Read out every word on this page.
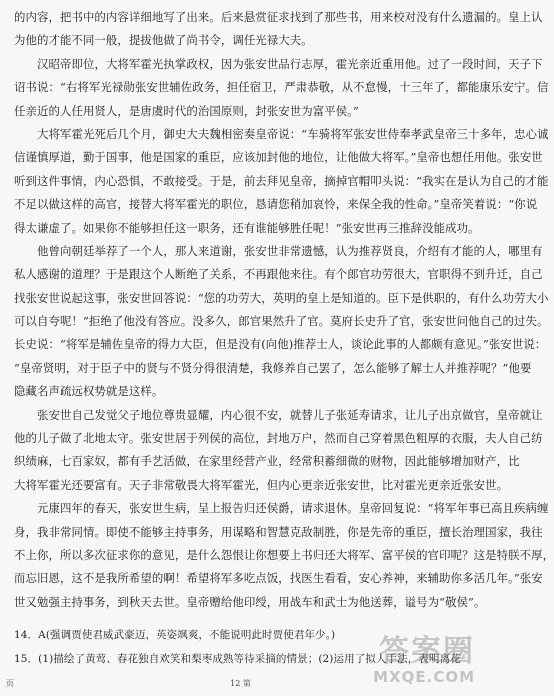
的内容，把书中的内容详细地写了出来。后来悬赏征求找到了那些书，用来校对没有什么遗漏的。皇上认
为他的才能不同一般，提拔他做了尚书令，调任光禄大夫。
汉昭帝即位，大将军霍光执掌政权，因为张安世品行志厚，霍光亲近重用他。过了一段时间，天子下
诏书说：“右将军光禄勋张安世辅佐政务，担任宿卫，严肃恭敬，从不怠慢，十三年了，都能康乐安宁。信
任亲近的人任用贤人，是唐虞时代的治国原则，封张安世为富平侯。”
大将军霍光死后几个月，御史大夫魏相密奏皇帝说：“车骑将军张安世侍奉孝武皇帝三十多年，忠心诚
信谨慎厚道，勤于国事，他是国家的重臣，应该加封他的地位，让他做大将军。”皇帝也想任用他。张安世
听到这件事情，内心恐惧，不敢接受。于是，前去拜见皇帝，摘掉官帽叩头说：“我实在是认为自己的才能
不足以做这样的高官，接替大将军霍光的职位，恳请您稍加哀怜，来保全我的性命。”皇帝笑着说：“你说
得太谦虚了。如果你不能够担任这一职务，还有谁能够胜任呢！”张安世再三推辞没能成功。
他曾向朝廷举荐了一个人，那人来道谢，张安世非常遗憾，认为推荐贤良，介绍有才能的人，哪里有
私人感谢的道理？于是跟这个人断绝了关系，不再跟他来往。有个郎官功劳很大，官职得不到升迁，自己
找张安世说起这事，张安世回答说：“您的功劳大，英明的皇上是知道的。臣下是供职的，有什么功劳大小
可以自夸呢！”拒绝了他没有答应。没多久，郎官果然升了官。莫府长史升了官，张安世问他自己的过失。
长史说：“将军是辅佐皇帝的得力大臣，但是没有(向他)推荐士人，谈论此事的人都颇有意见。”张安世说：
“皇帝贤明，对于臣子中的贤与不贤分得很清楚，我修养自己罢了，怎么能够了解士人并推荐呢？”他要
隐藏名声疏远权势就是这样。
张安世自己发觉父子地位尊贵显耀，内心很不安，就替儿子张延寿请求，让儿子出京做官，皇帝就让
他的儿子做了北地太守。张安世居于列侯的高位，封地万户，然而自己穿着黑色粗厚的衣服，夫人自己纺
织绩麻，七百家奴，都有手艺活做，在家里经营产业，经常积蓄细微的财物，因此能够增加财产，比
大将军霍光还要富有。天子非常敬畏大将军霍光，但内心更亲近张安世，比对霍光更亲近张安世。
元康四年的春天，张安世生病，呈上报告归还侯爵，请求退休。皇帝回复说：“将军年事已高且疾病缠
身，我非常同情。即使不能够主持事务，用谋略和智慧克敌制胜，你是先帝的重臣，擅长治理国家，我往
不上你，所以多次征求你的意见，是什么怨恨让你想要上书归还大将军、富平侯的官印呢？这是特朕不厚，
而忘旧恩，这不是我所希望的啊！希望将军多吃点饭，找医生看看，安心养神，来辅助你多活几年。”张安
世又勉强主持事务，到秋天去世。皇帝赠给他印绶，用战车和武士为他送葬，谥号为“敬侯”。
14．A(强调贾使君威武豪迈，英姿飒爽，不能说明此时贾使君年少。)
15．(1)描绘了黄莺、春花独自欢笑和梨枣成熟等待采摘的情景；(2)运用了拟人手法，表明离花
答案圈
MXQE.COM
页	12 第
